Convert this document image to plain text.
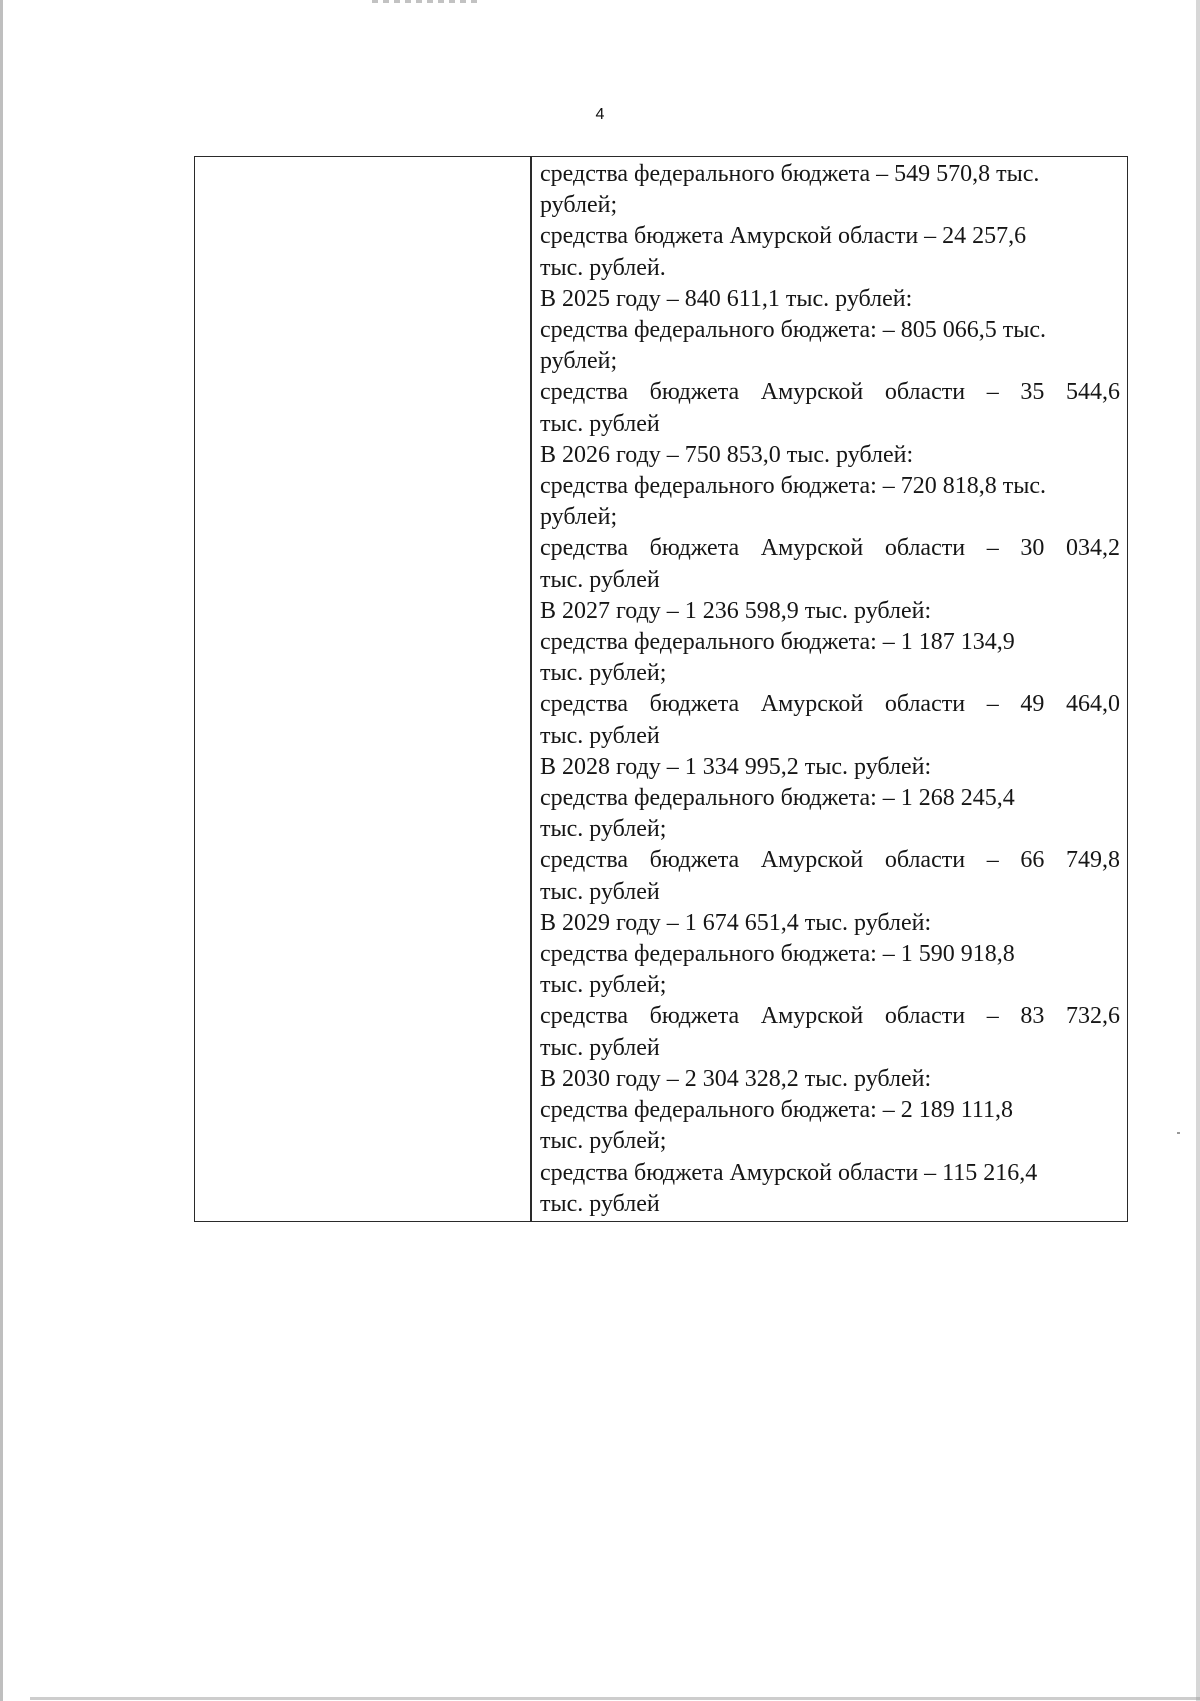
4
средства федерального бюджета – 549 570,8 тыс.
рублей;
средства бюджета Амурской области – 24 257,6
тыс. рублей.
В 2025 году – 840 611,1 тыс. рублей:
средства федерального бюджета: – 805 066,5 тыс.
рублей;
средства бюджета Амурской области – 35 544,6
тыс. рублей
В 2026 году – 750 853,0 тыс. рублей:
средства федерального бюджета: – 720 818,8 тыс.
рублей;
средства бюджета Амурской области – 30 034,2
тыс. рублей
В 2027 году – 1 236 598,9 тыс. рублей:
средства федерального бюджета: – 1 187 134,9
тыс. рублей;
средства бюджета Амурской области – 49 464,0
тыс. рублей
В 2028 году – 1 334 995,2 тыс. рублей:
средства федерального бюджета: – 1 268 245,4
тыс. рублей;
средства бюджета Амурской области – 66 749,8
тыс. рублей
В 2029 году – 1 674 651,4 тыс. рублей:
средства федерального бюджета: – 1 590 918,8
тыс. рублей;
средства бюджета Амурской области – 83 732,6
тыс. рублей
В 2030 году – 2 304 328,2 тыс. рублей:
средства федерального бюджета: – 2 189 111,8
тыс. рублей;
средства бюджета Амурской области – 115 216,4
тыс. рублей
